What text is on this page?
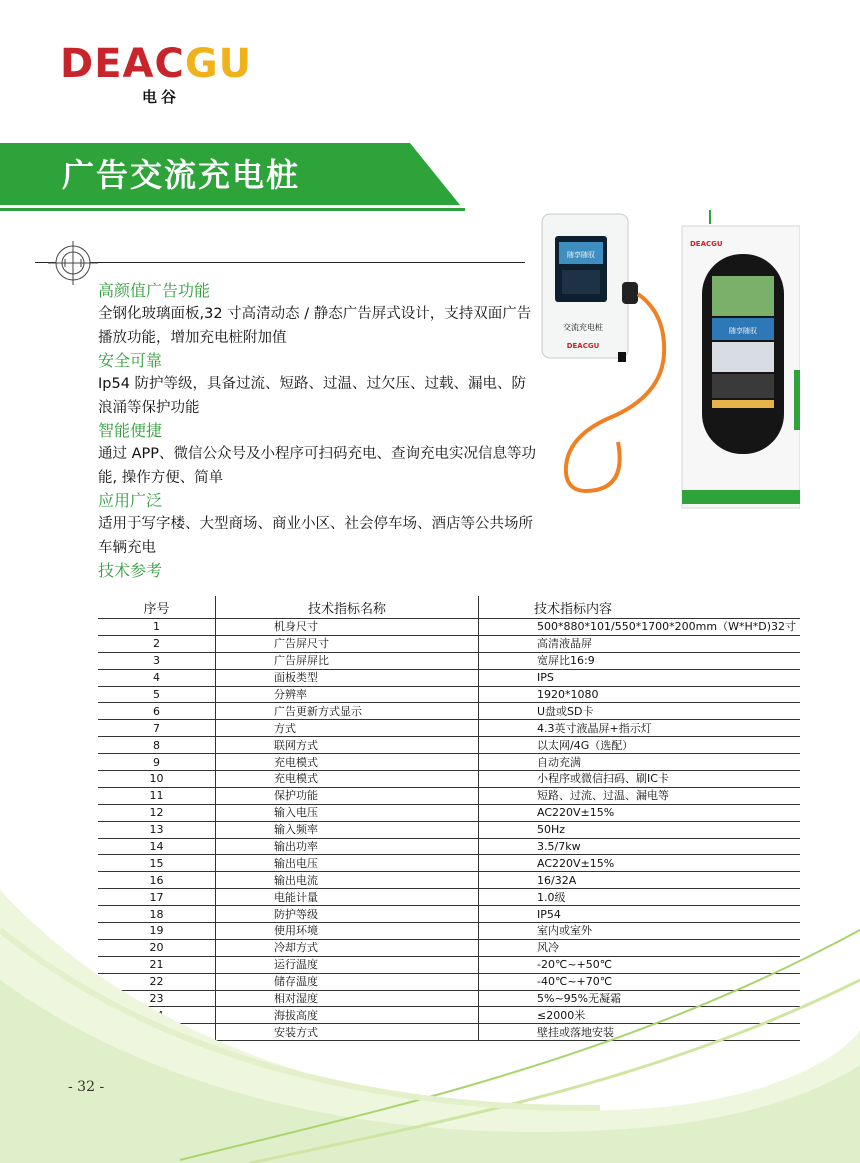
DEACGU
电谷
广告交流充电桩
高颜值广告功能
全钢化玻璃面板,32 寸高清动态 / 静态广告屏式设计，支持双面广告播放功能，增加充电桩附加值
安全可靠
Ip54 防护等级，具备过流、短路、过温、过欠压、过载、漏电、防浪涌等保护功能
智能便捷
通过 APP、微信公众号及小程序可扫码充电、查询充电实况信息等功能, 操作方便、简单
应用广泛
适用于写字楼、大型商场、商业小区、社会停车场、酒店等公共场所车辆充电
技术参考
随享随驭
交流充电桩
DEACGU
DEACGU
随享随驭
序号	技术指标名称	技术指标内容
1	机身尺寸	500*880*101/550*1700*200mm（W*H*D)32寸
2	广告屏尺寸	高清液晶屏
3	广告屏屏比	宽屏比16:9
4	面板类型	IPS
5	分辨率	1920*1080
6	广告更新方式显示	U盘或SD卡
7	方式	4.3英寸液晶屏+指示灯
8	联网方式	以太网/4G（选配）
9	充电模式	自动充满
10	充电模式	小程序或微信扫码、刷IC卡
11	保护功能	短路、过流、过温、漏电等
12	输入电压	AC220V±15%
13	输入频率	50Hz
14	输出功率	3.5/7kw
15	输出电压	AC220V±15%
16	输出电流	16/32A
17	电能计量	1.0级
18	防护等级	IP54
19	使用环境	室内或室外
20	冷却方式	风冷
21	运行温度	-20℃~+50℃
22	储存温度	-40℃~+70℃
23	相对湿度	5%~95%无凝霜
	海拔高度	≤2000米
	安装方式	壁挂或落地安装
- 32 -
